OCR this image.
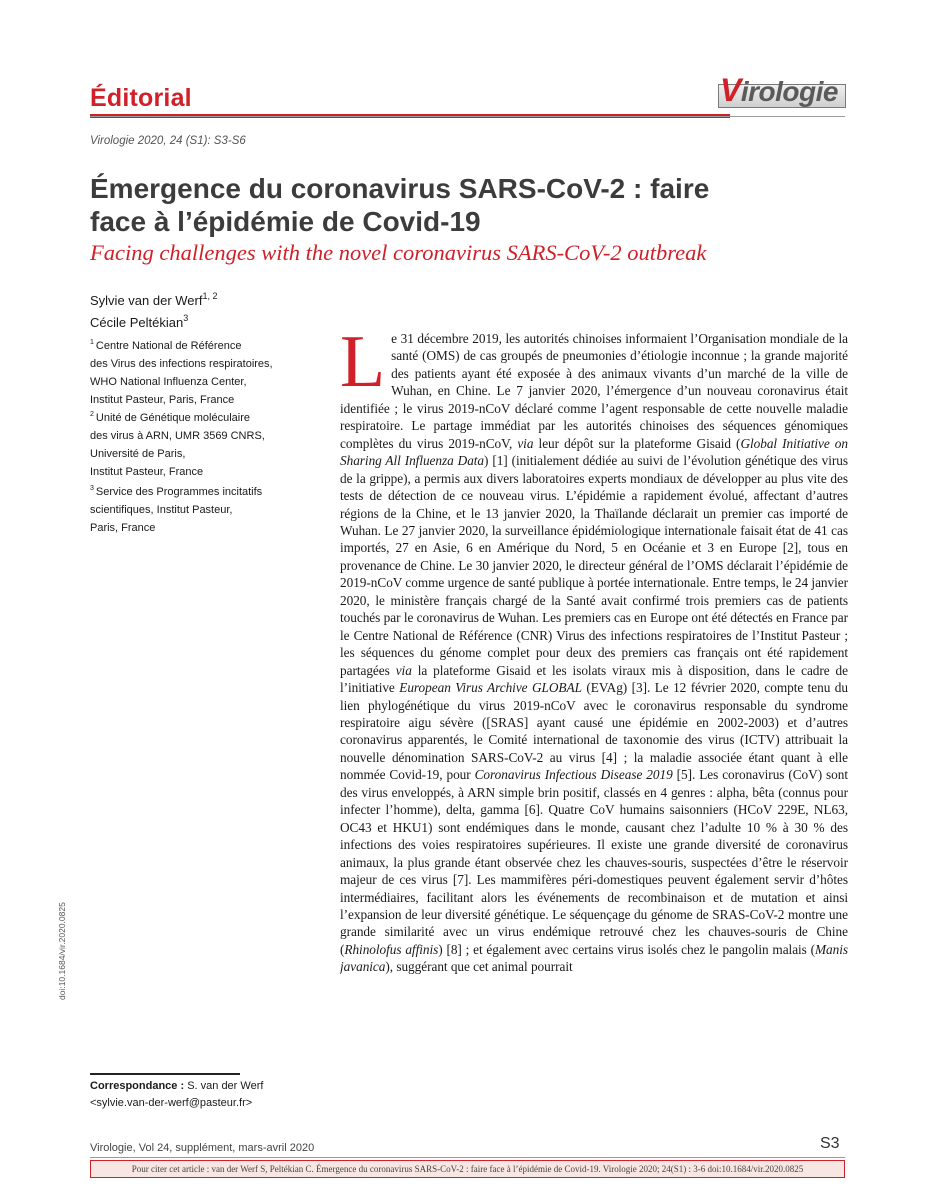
Éditorial	Virologie
Virologie 2020, 24 (S1): S3-S6
Émergence du coronavirus SARS-CoV-2 : faire
face à l’épidémie de Covid-19
Facing challenges with the novel coronavirus SARS-CoV-2 outbreak
Sylvie van der Werf$^{1, 2}$
Cécile Peltékian$^3$
$^1$ Centre National de Référence
des Virus des infections respiratoires,
WHO National Influenza Center,
Institut Pasteur, Paris, France
$^2$ Unité de Génétique moléculaire
des virus à ARN, UMR 3569 CNRS,
Université de Paris,
Institut Pasteur, France
$^3$ Service des Programmes incitatifs
scientifiques, Institut Pasteur,
Paris, France
doi:10.1684/vir.2020.0825
Correspondance : S. van der Werf
<sylvie.van-der-werf@pasteur.fr>
Le 31 décembre 2019, les autorités chinoises informaient l’Organisation mondiale de la santé (OMS) de cas groupés de pneumonies d’étiologie inconnue ; la grande majorité des patients ayant été exposée à des animaux vivants d’un marché de la ville de Wuhan, en Chine. Le 7 janvier 2020, l’émergence d’un nouveau coronavirus était identifiée ; le virus 2019-nCoV déclaré comme l’agent responsable de cette nouvelle maladie respiratoire. Le partage immédiat par les autorités chinoises des séquences génomiques complètes du virus 2019-nCoV, via leur dépôt sur la plateforme Gisaid (Global Initiative on Sharing All Influenza Data) [1] (initialement dédiée au suivi de l’évolution génétique des virus de la grippe), a permis aux divers laboratoires experts mondiaux de développer au plus vite des tests de détection de ce nouveau virus. L’épidémie a rapidement évolué, affectant d’autres régions de la Chine, et le 13 janvier 2020, la Thaïlande déclarait un premier cas importé de Wuhan. Le 27 janvier 2020, la surveillance épidémiologique internationale faisait état de 41 cas importés, 27 en Asie, 6 en Amérique du Nord, 5 en Océanie et 3 en Europe [2], tous en provenance de Chine. Le 30 janvier 2020, le directeur général de l’OMS déclarait l’épidémie de 2019-nCoV comme urgence de santé publique à portée internationale. Entre temps, le 24 janvier 2020, le ministère français chargé de la Santé avait confirmé trois premiers cas de patients touchés par le coronavirus de Wuhan. Les premiers cas en Europe ont été détectés en France par le Centre National de Référence (CNR) Virus des infections respiratoires de l’Institut Pasteur ; les séquences du génome complet pour deux des premiers cas français ont été rapidement partagées via la plateforme Gisaid et les isolats viraux mis à disposition, dans le cadre de l’initiative European Virus Archive GLOBAL (EVAg) [3]. Le 12 février 2020, compte tenu du lien phylogénétique du virus 2019-nCoV avec le coronavirus responsable du syndrome respiratoire aigu sévère ([SRAS] ayant causé une épidémie en 2002-2003) et d’autres coronavirus apparentés, le Comité international de taxonomie des virus (ICTV) attribuait la nouvelle dénomination SARS-CoV-2 au virus [4] ; la maladie associée étant quant à elle nommée Covid-19, pour Coronavirus Infectious Disease 2019 [5]. Les coronavirus (CoV) sont des virus enveloppés, à ARN simple brin positif, classés en 4 genres : alpha, bêta (connus pour infecter l’homme), delta, gamma [6]. Quatre CoV humains saisonniers (HCoV 229E, NL63, OC43 et HKU1) sont endémiques dans le monde, causant chez l’adulte 10 % à 30 % des infections des voies respiratoires supérieures. Il existe une grande diversité de coronavirus animaux, la plus grande étant observée chez les chauves-souris, suspectées d’être le réservoir majeur de ces virus [7]. Les mammifères péri-domestiques peuvent également servir d’hôtes intermédiaires, facilitant alors les événements de recombinaison et de mutation et ainsi l’expansion de leur diversité génétique. Le séquençage du génome de SRAS-CoV-2 montre une grande similarité avec un virus endémique retrouvé chez les chauves-souris de Chine (Rhinolofus affinis) [8] ; et également avec certains virus isolés chez le pangolin malais (Manis javanica), suggérant que cet animal pourrait
Virologie, Vol 24, supplément, mars-avril 2020	S3
Pour citer cet article : van der Werf S, Peltékian C. Émergence du coronavirus SARS-CoV-2 : faire face à l’épidémie de Covid-19. Virologie 2020; 24(S1) : 3-6 doi:10.1684/vir.2020.0825
